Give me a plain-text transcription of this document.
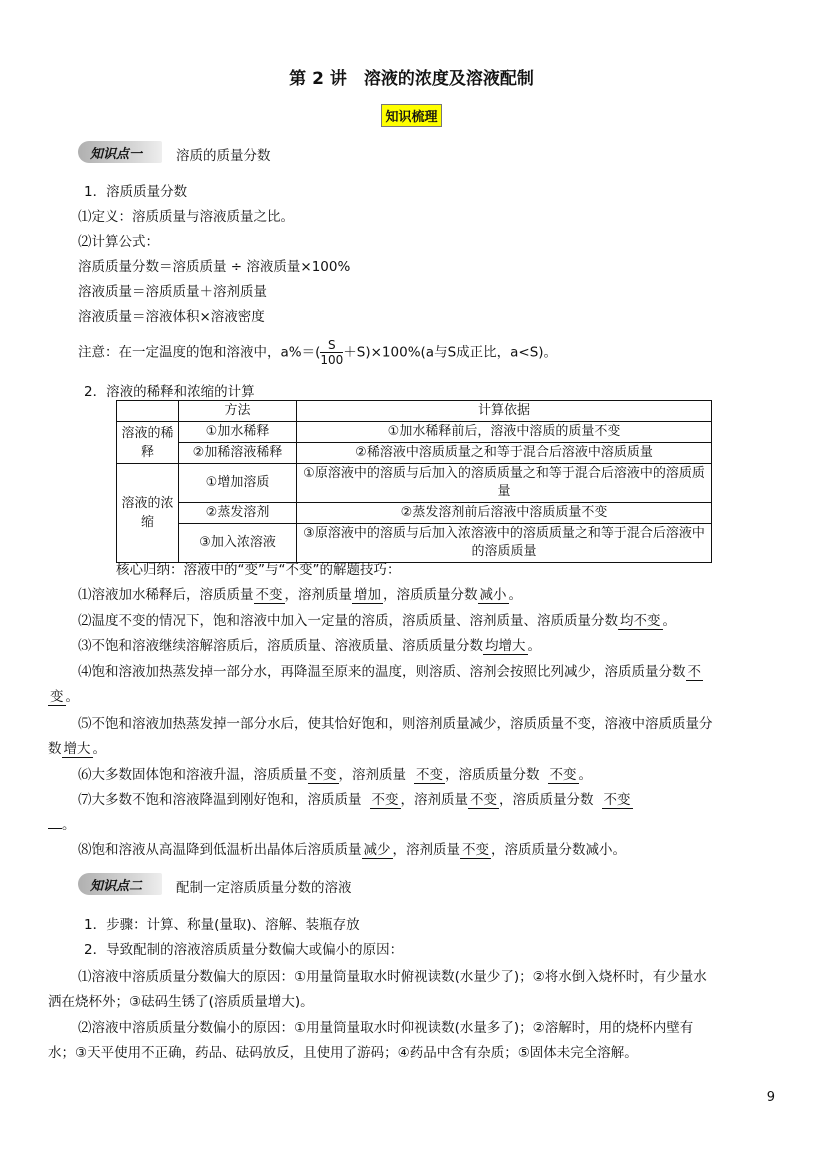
第 2 讲　溶液的浓度及溶液配制
知识梳理
知识点一	溶质的质量分数
1．溶质质量分数
⑴定义：溶质质量与溶液质量之比。
⑵计算公式：
溶质质量分数＝溶质质量 ÷ 溶液质量×100%
溶液质量＝溶质质量＋溶剂质量
溶液质量＝溶液体积×溶液密度
注意：在一定温度的饱和溶液中，$a\%=( \frac{S}{100} +S)\times 100\%(a$与S成正比，a<S)。
2．溶液的稀释和浓缩的计算
	方法	计算依据
溶液的稀释	①加水稀释	①加水稀释前后，溶液中溶质的质量不变
	②加稀溶液稀释	②稀溶液中溶质质量之和等于混合后溶液中溶质质量
溶液的浓缩	①增加溶质	①原溶液中的溶质与后加入的溶质质量之和等于混合后溶液中的溶质质量
	②蒸发溶剂	②蒸发溶剂前后溶液中溶质质量不变
	③加入浓溶液	③原溶液中的溶质与后加入浓溶液中的溶质质量之和等于混合后溶液中的溶质质量
核心归纳：溶液中的“变”与“不变”的解题技巧：
⑴溶液加水稀释后，溶质质量 不变 ，溶剂质量 增加 ，溶质质量分数 减小 。
⑵温度不变的情况下，饱和溶液中加入一定量的溶质，溶质质量、溶剂质量、溶质质量分数 均不变 。
⑶不饱和溶液继续溶解溶质后，溶质质量、溶液质量、溶质质量分数 均增大 。
⑷饱和溶液加热蒸发掉一部分水，再降温至原来的温度，则溶质、溶剂会按照比列减少，溶质质量分数 不
变 。
⑸不饱和溶液加热蒸发掉一部分水后，使其恰好饱和，则溶剂质量减少，溶质质量不变，溶液中溶质质量分
数 增大 。
⑹大多数固体饱和溶液升温，溶质质量 不变 ，溶剂质量 不变 ，溶质质量分数 不变 。
⑺大多数不饱和溶液降温到刚好饱和，溶质质量 不变 ，溶剂质量 不变 ，溶质质量分数 不变
。
⑻饱和溶液从高温降到低温析出晶体后溶质质量 减少 ，溶剂质量 不变 ，溶质质量分数减小。
知识点二	配制一定溶质质量分数的溶液
1．步骤：计算、称量(量取)、溶解、装瓶存放
2．导致配制的溶液溶质质量分数偏大或偏小的原因：
⑴溶液中溶质质量分数偏大的原因：①用量筒量取水时俯视读数(水量少了)；②将水倒入烧杯时，有少量水
洒在烧杯外；③砝码生锈了(溶质质量增大)。
⑵溶液中溶质质量分数偏小的原因：①用量筒量取水时仰视读数(水量多了)；②溶解时，用的烧杯内壁有
水；③天平使用不正确，药品、砝码放反，且使用了游码；④药品中含有杂质；⑤固体未完全溶解。
9
